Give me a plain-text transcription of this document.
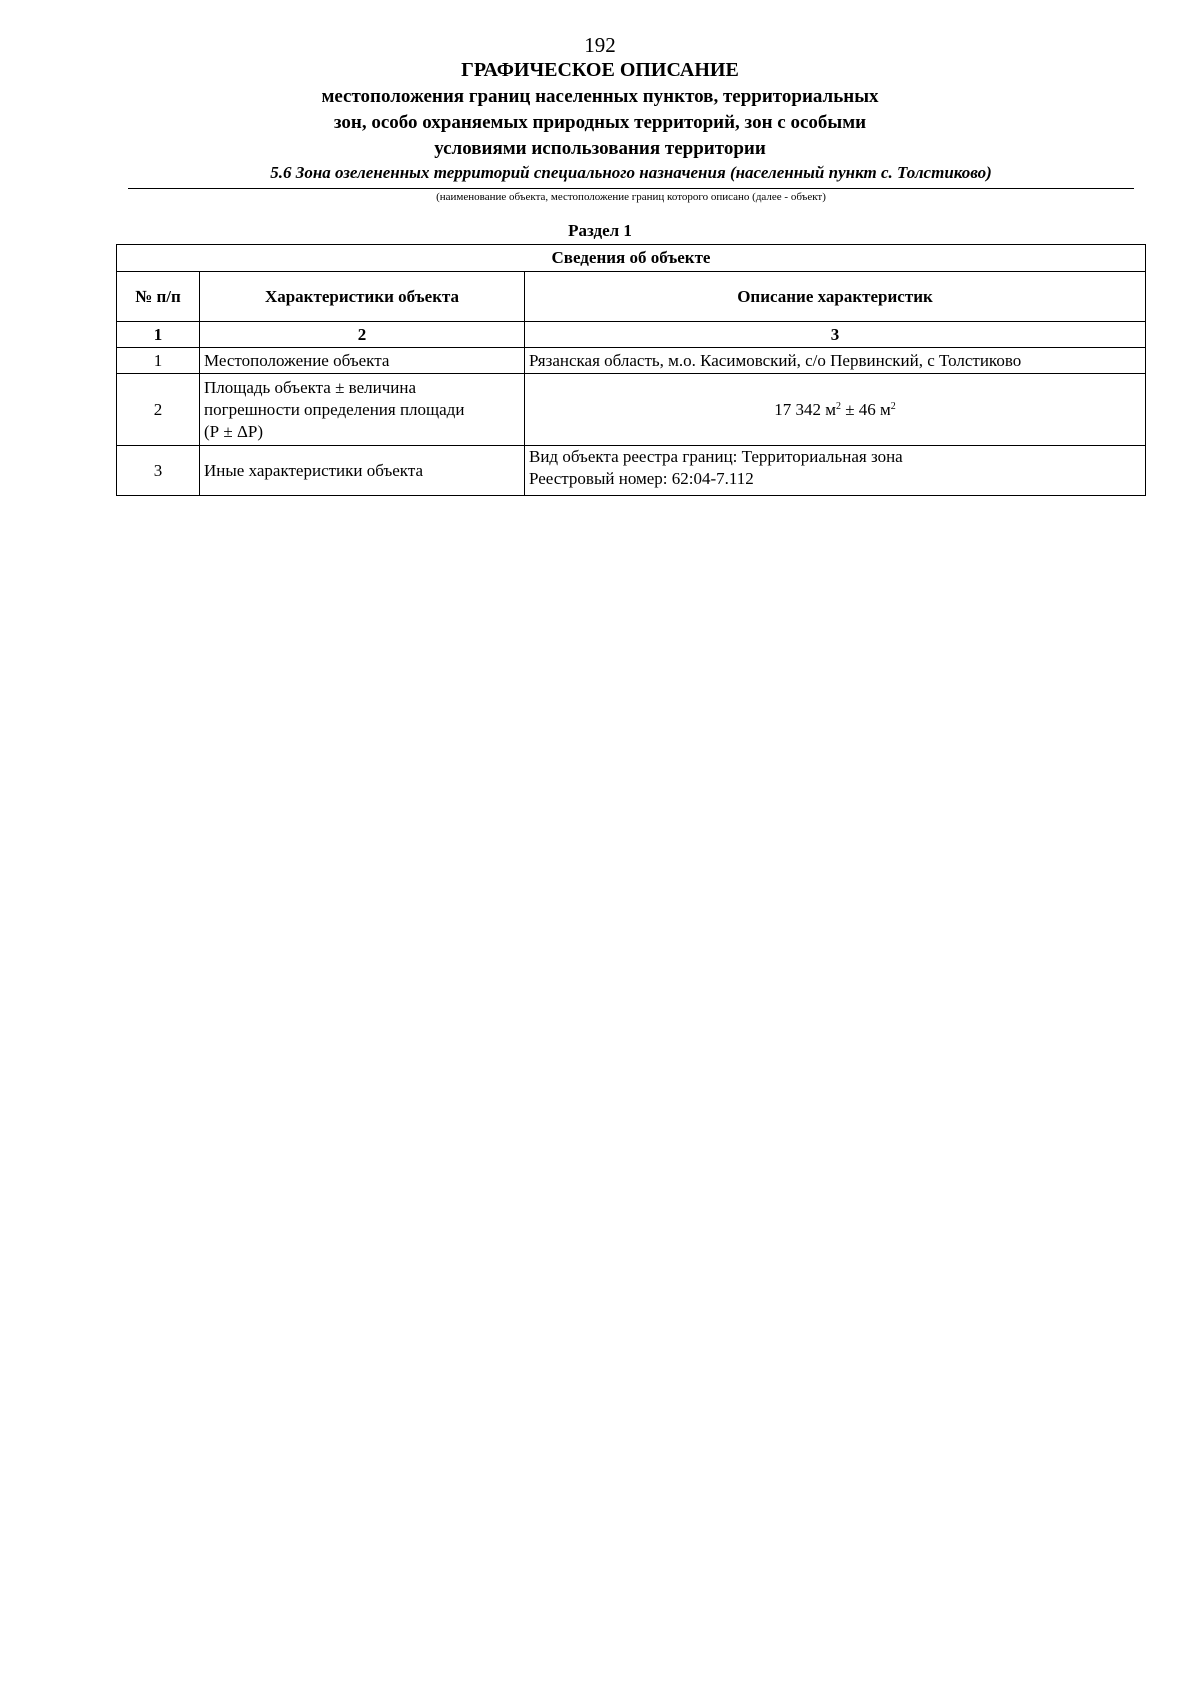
192
ГРАФИЧЕСКОЕ ОПИСАНИЕ
местоположения границ населенных пунктов, территориальных
зон, особо охраняемых природных территорий, зон с особыми
условиями использования территории
5.6 Зона озелененных территорий специального назначения (населенный пункт с. Толстиково)
(наименование объекта, местоположение границ которого описано (далее - объект)
Раздел 1
Сведения об объекте		
№ п/п	Характеристики объекта	Описание характеристик
1	2	3
1	Местоположение объекта	Рязанская область, м.о. Касимовский, с/о Первинский, с Толстиково
2	Площадь объекта ± величина
погрешности определения площади
(Р ± ΔР)	17 342 $м^2 \pm 46$ $м^2$
3	Иные характеристики объекта	Вид объекта реестра границ: Территориальная зона
Реестровый номер: 62:04-7.112
